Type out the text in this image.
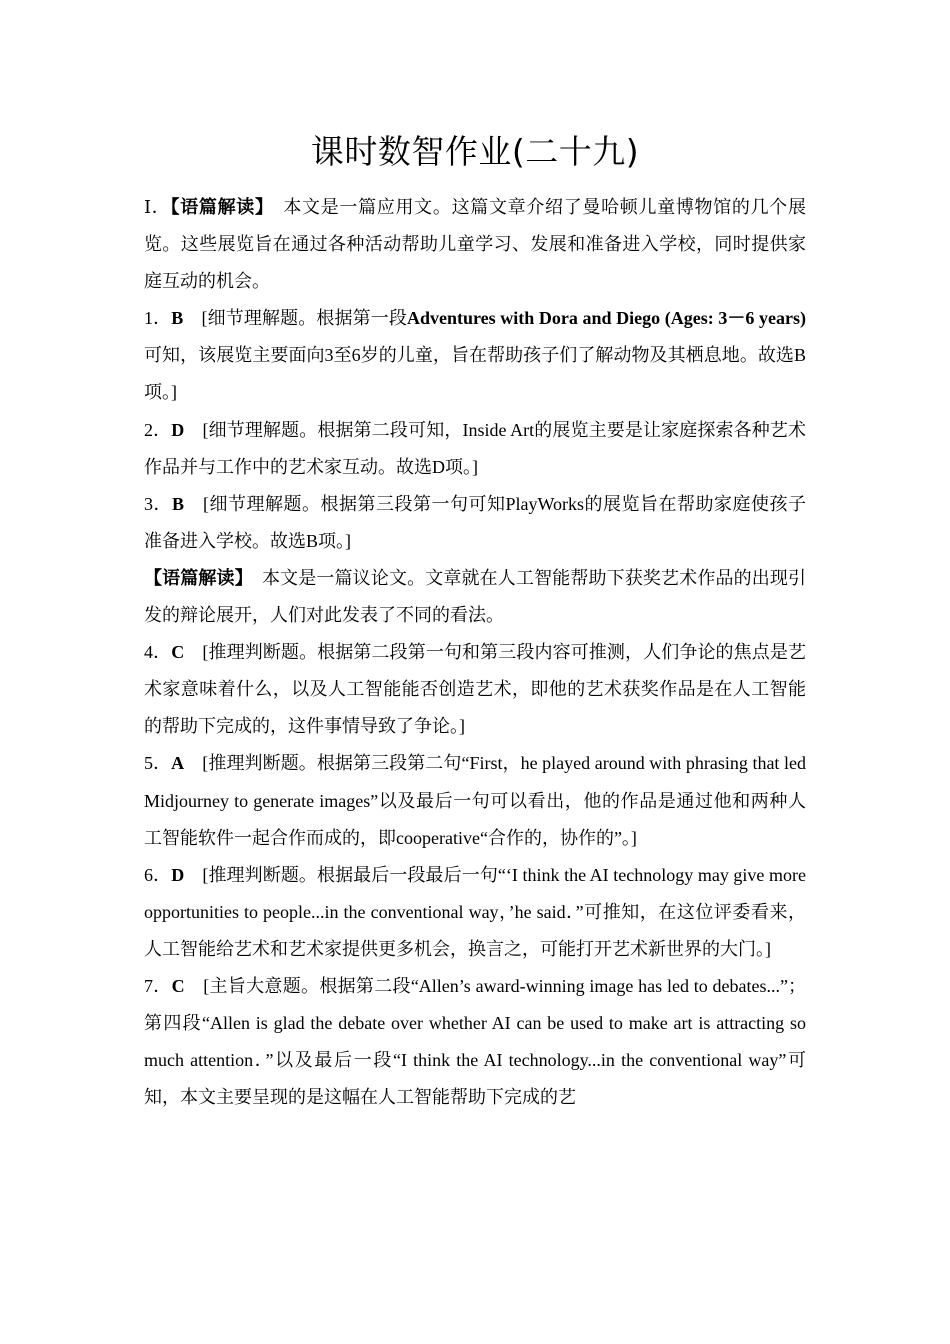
课时数智作业(二十九)

Ⅰ．【语篇解读】　本文是一篇应用文。这篇文章介绍了曼哈顿儿童博物馆的几个展览。这些展览旨在通过各种活动帮助儿童学习、发展和准备进入学校，同时提供家庭互动的机会。

1．B　[细节理解题。根据第一段Adventures with Dora and Diego (Ages: 3－6 years)可知，该展览主要面向3至6岁的儿童，旨在帮助孩子们了解动物及其栖息地。故选B项。]

2．D　[细节理解题。根据第二段可知，Inside Art的展览主要是让家庭探索各种艺术作品并与工作中的艺术家互动。故选D项。]

3．B　[细节理解题。根据第三段第一句可知PlayWorks的展览旨在帮助家庭使孩子准备进入学校。故选B项。]

【语篇解读】　本文是一篇议论文。文章就在人工智能帮助下获奖艺术作品的出现引发的辩论展开，人们对此发表了不同的看法。

4．C　[推理判断题。根据第二段第一句和第三段内容可推测，人们争论的焦点是艺术家意味着什么，以及人工智能能否创造艺术，即他的艺术获奖作品是在人工智能的帮助下完成的，这件事情导致了争论。]

5．A　[推理判断题。根据第三段第二句“First，he played around with phrasing that led Midjourney to generate images”以及最后一句可以看出，他的作品是通过他和两种人工智能软件一起合作而成的，即cooperative“合作的，协作的”。]

6．D　[推理判断题。根据最后一段最后一句“‘I think the AI technology may give more opportunities to people...in the conventional way，’he said．”可推知，在这位评委看来，人工智能给艺术和艺术家提供更多机会，换言之，可能打开艺术新世界的大门。]

7．C　[主旨大意题。根据第二段“Allen’s award-winning image has led to debates...”；第四段“Allen is glad the debate over whether AI can be used to make art is attracting so much attention．”以及最后一段“I think the AI technology...in the conventional way”可知，本文主要呈现的是这幅在人工智能帮助下完成的艺
